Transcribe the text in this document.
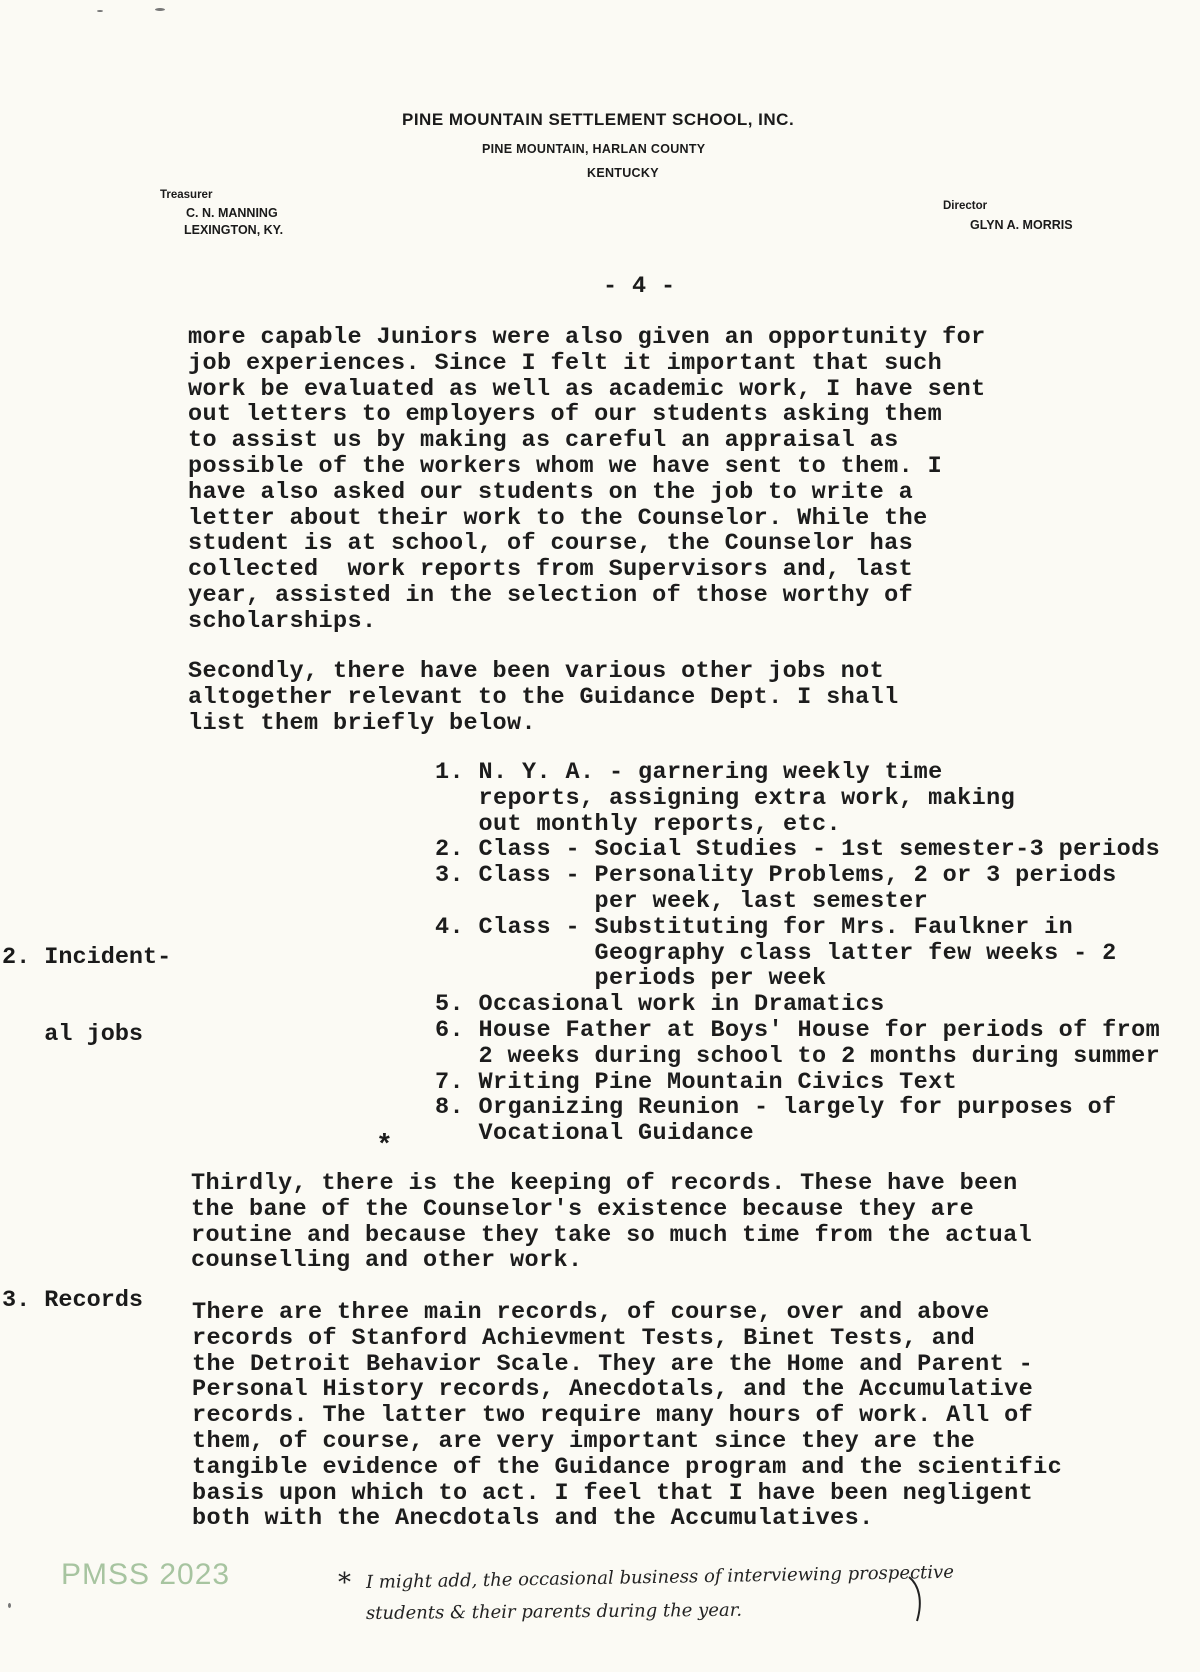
PINE MOUNTAIN SETTLEMENT SCHOOL, INC.
PINE MOUNTAIN, HARLAN COUNTY
KENTUCKY
Treasurer
C. N. MANNING
LEXINGTON, KY.
Director
GLYN A. MORRIS
- 4 -
more capable Juniors were also given an opportunity for
job experiences. Since I felt it important that such
work be evaluated as well as academic work, I have sent
out letters to employers of our students asking them
to assist us by making as careful an appraisal as
possible of the workers whom we have sent to them. I
have also asked our students on the job to write a
letter about their work to the Counselor. While the
student is at school, of course, the Counselor has
collected  work reports from Supervisors and, last
year, assisted in the selection of those worthy of
scholarships.
Secondly, there have been various other jobs not
altogether relevant to the Guidance Dept. I shall
list them briefly below.

2. Incident-

al jobs

1. N. Y. A. - garnering weekly time
reports, assigning extra work, making
out monthly reports, etc.
2. Class - Social Studies - 1st semester-3 periods
3. Class - Personality Problems, 2 or 3 periods
per week, last semester
4. Class - Substituting for Mrs. Faulkner in
Geography class latter few weeks - 2
periods per week
5. Occasional work in Dramatics
6. House Father at Boys' House for periods of from
2 weeks during school to 2 months during summer
7. Writing Pine Mountain Civics Text
8. Organizing Reunion - largely for purposes of
Vocational Guidance
*
Thirdly, there is the keeping of records. These have been
the bane of the Counselor's existence because they are
routine and because they take so much time from the actual
counselling and other work.
3. Records There are three main records, of course, over and above
records of Stanford Achievment Tests, Binet Tests, and
the Detroit Behavior Scale. They are the Home and Parent -
Personal History records, Anecdotals, and the Accumulative
records. The latter two require many hours of work. All of
them, of course, are very important since they are the
tangible evidence of the Guidance program and the scientific
basis upon which to act. I feel that I have been negligent
both with the Anecdotals and the Accumulatives.
* I might add, the occasional business of interviewing prospective
students & their parents during the year.
PMSS 2023
